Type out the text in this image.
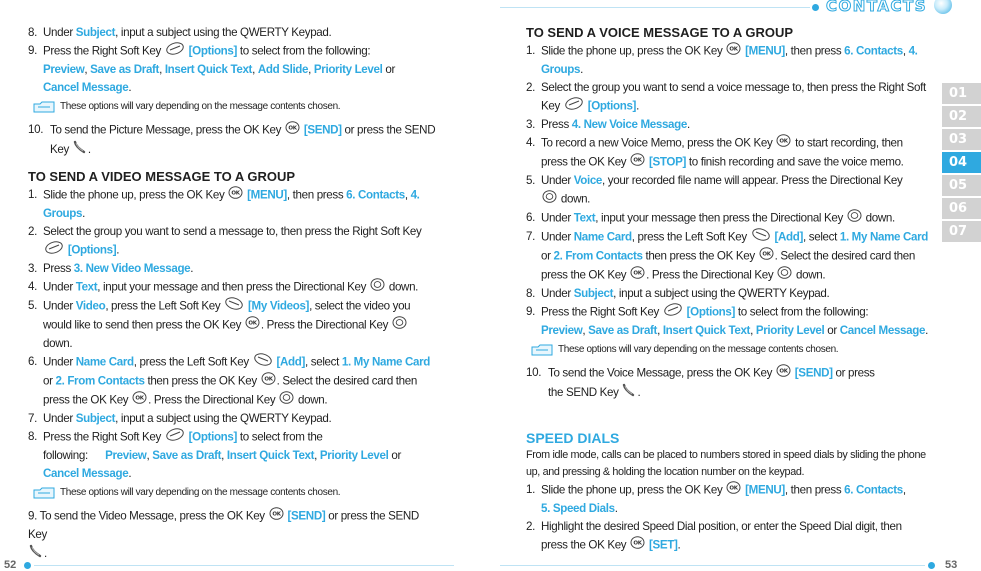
CONTACTS
01
02
03
04
05
06
07
52	53
8. Under Subject, input a subject using the QWERTY Keypad.
9. Press the Right Soft Key  [Options] to select from the following:
Preview, Save as Draft, Insert Quick Text, Add Slide, Priority Level or
Cancel Message.
These options will vary depending on the message contents chosen.
10. To send the Picture Message, press the OK Key OK [SEND] or press the SEND
Key .
TO SEND A VIDEO MESSAGE TO A GROUP
1. Slide the phone up, press the OK Key OK [MENU], then press 6. Contacts, 4. Groups.
2. Select the group you want to send a message to, then press the Right Soft Key
[Options].
3. Press 3. New Video Message.
4. Under Text, input your message and then press the Directional Key  down.
5. Under Video, press the Left Soft Key  [My Videos], select the video you would like to send then press the OK Key OK . Press the Directional Key  down.
6. Under Name Card, press the Left Soft Key  [Add], select 1. My Name Card
or 2. From Contacts then press the OK Key OK . Select the desired card then press the OK Key OK . Press the Directional Key  down.
7. Under Subject, input a subject using the QWERTY Keypad.
8. Press the Right Soft Key  [Options] to select from the
following: Preview, Save as Draft, Insert Quick Text, Priority Level or
Cancel Message.
These options will vary depending on the message contents chosen.
9. To send the Video Message, press the OK Key OK [SEND] or press the SEND Key
.
TO SEND A VOICE MESSAGE TO A GROUP
1. Slide the phone up, press the OK Key OK [MENU], then press 6. Contacts, 4. Groups.
2. Select the group you want to send a voice message to, then press the Right Soft Key  [Options].
3. Press 4. New Voice Message.
4. To record a new Voice Memo, press the OK Key OK to start recording, then press the OK Key OK [STOP] to finish recording and save the voice memo.
5. Under Voice, your recorded file name will appear. Press the Directional Key
down.
6. Under Text, input your message then press the Directional Key  down.
7. Under Name Card, press the Left Soft Key  [Add], select 1. My Name Card
or 2. From Contacts then press the OK Key OK . Select the desired card then press the OK Key OK . Press the Directional Key  down.
8. Under Subject, input a subject using the QWERTY Keypad.
9. Press the Right Soft Key  [Options] to select from the following:
Preview, Save as Draft, Insert Quick Text, Priority Level or Cancel Message.
These options will vary depending on the message contents chosen.
10. To send the Voice Message, press the OK Key OK [SEND] or press
the SEND Key .
SPEED DIALS
From idle mode, calls can be placed to numbers stored in speed dials by sliding the phone up, and pressing & holding the location number on the keypad.
1. Slide the phone up, press the OK Key OK [MENU], then press 6. Contacts,
5. Speed Dials.
2. Highlight the desired Speed Dial position, or enter the Speed Dial digit, then press the OK Key OK [SET].
